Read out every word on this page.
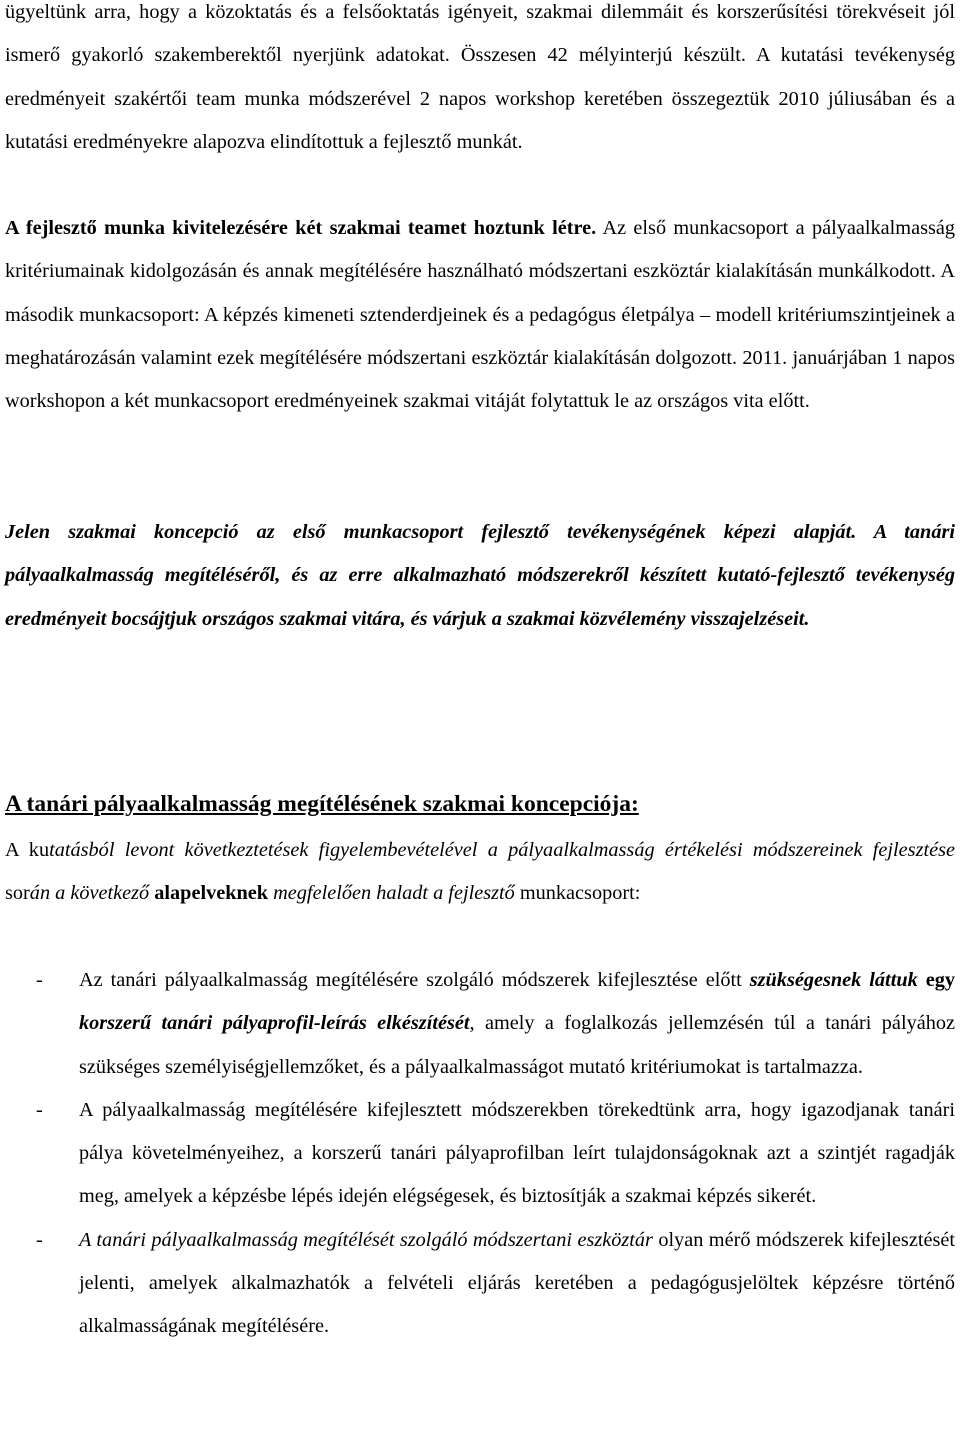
ügyeltünk arra, hogy a közoktatás és a felsőoktatás igényeit, szakmai dilemmáit és korszerűsítési törekvéseit jól ismerő gyakorló szakemberektől nyerjünk adatokat. Összesen 42 mélyinterjú készült. A kutatási tevékenység eredményeit szakértői team munka módszerével 2 napos workshop keretében összegeztük 2010 júliusában és a kutatási eredményekre alapozva elindítottuk a fejlesztő munkát.

A fejlesztő munka kivitelezésére két szakmai teamet hoztunk létre. Az első munkacsoport a pályaalkalmasság kritériumainak kidolgozásán és annak megítélésére használható módszertani eszköztár kialakításán munkálkodott. A második munkacsoport: A képzés kimeneti sztenderdjeinek és a pedagógus életpálya – modell kritériumszintjeinek a meghatározásán valamint ezek megítélésére módszertani eszköztár kialakításán dolgozott. 2011. januárjában 1 napos workshopon a két munkacsoport eredményeinek szakmai vitáját folytattuk le az országos vita előtt.

Jelen szakmai koncepció az első munkacsoport fejlesztő tevékenységének képezi alapját. A tanári pályaalkalmasság megítéléséről, és az erre alkalmazható módszerekről készített kutató-fejlesztő tevékenység eredményeit bocsájtjuk országos szakmai vitára, és várjuk a szakmai közvélemény visszajelzéseit.

A tanári pályaalkalmasság megítélésének szakmai koncepciója:

A kutatásból levont következtetések figyelembevételével a pályaalkalmasság értékelési módszereinek fejlesztése során a következő alapelveknek megfelelően haladt a fejlesztő munkacsoport:

- Az tanári pályaalkalmasság megítélésére szolgáló módszerek kifejlesztése előtt szükségesnek láttuk egy korszerű tanári pályaprofil-leírás elkészítését, amely a foglalkozás jellemzésén túl a tanári pályához szükséges személyiségjellemzőket, és a pályaalkalmasságot mutató kritériumokat is tartalmazza.
- A pályaalkalmasság megítélésére kifejlesztett módszerekben törekedtünk arra, hogy igazodjanak tanári pálya követelményeihez, a korszerű tanári pályaprofilban leírt tulajdonságoknak azt a szintjét ragadják meg, amelyek a képzésbe lépés idején elégségesek, és biztosítják a szakmai képzés sikerét.
- A tanári pályaalkalmasság megítélését szolgáló módszertani eszköztár olyan mérő módszerek kifejlesztését jelenti, amelyek alkalmazhatók a felvételi eljárás keretében a pedagógusjelöltek képzésre történő alkalmasságának megítélésére.
